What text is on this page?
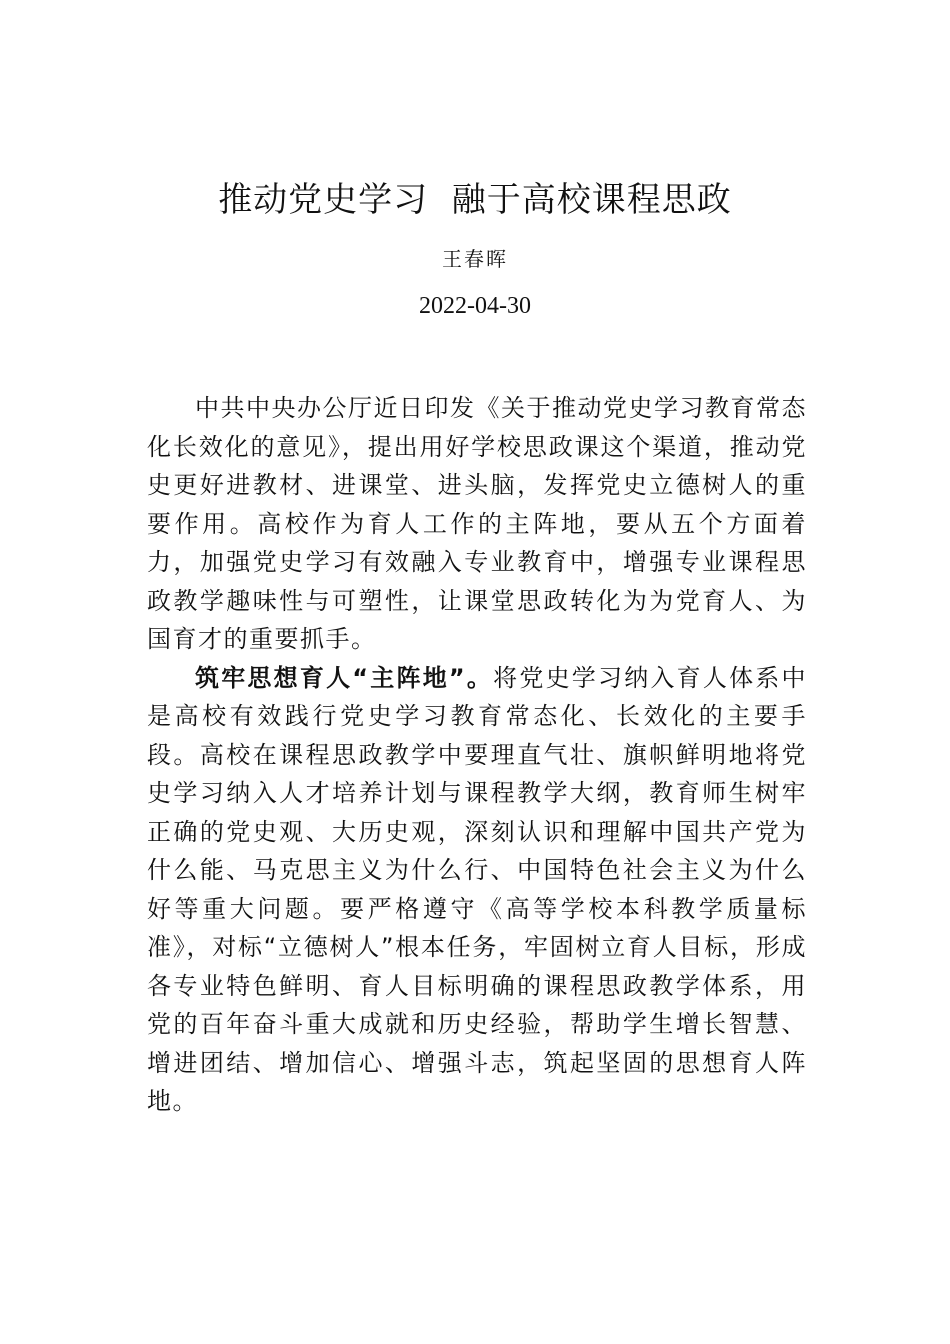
推动党史学习  融于高校课程思政
王春晖
2022-04-30

中共中央办公厅近日印发《关于推动党史学习教育常态化长效化的意见》，提出用好学校思政课这个渠道，推动党史更好进教材、进课堂、进头脑，发挥党史立德树人的重要作用。高校作为育人工作的主阵地，要从五个方面着力，加强党史学习有效融入专业教育中，增强专业课程思政教学趣味性与可塑性，让课堂思政转化为为党育人、为国育才的重要抓手。

筑牢思想育人“主阵地”。将党史学习纳入育人体系中是高校有效践行党史学习教育常态化、长效化的主要手段。高校在课程思政教学中要理直气壮、旗帜鲜明地将党史学习纳入人才培养计划与课程教学大纲，教育师生树牢正确的党史观、大历史观，深刻认识和理解中国共产党为什么能、马克思主义为什么行、中国特色社会主义为什么好等重大问题。要严格遵守《高等学校本科教学质量标准》，对标“立德树人”根本任务，牢固树立育人目标，形成各专业特色鲜明、育人目标明确的课程思政教学体系，用党的百年奋斗重大成就和历史经验，帮助学生增长智慧、增进团结、增加信心、增强斗志，筑起坚固的思想育人阵地。
